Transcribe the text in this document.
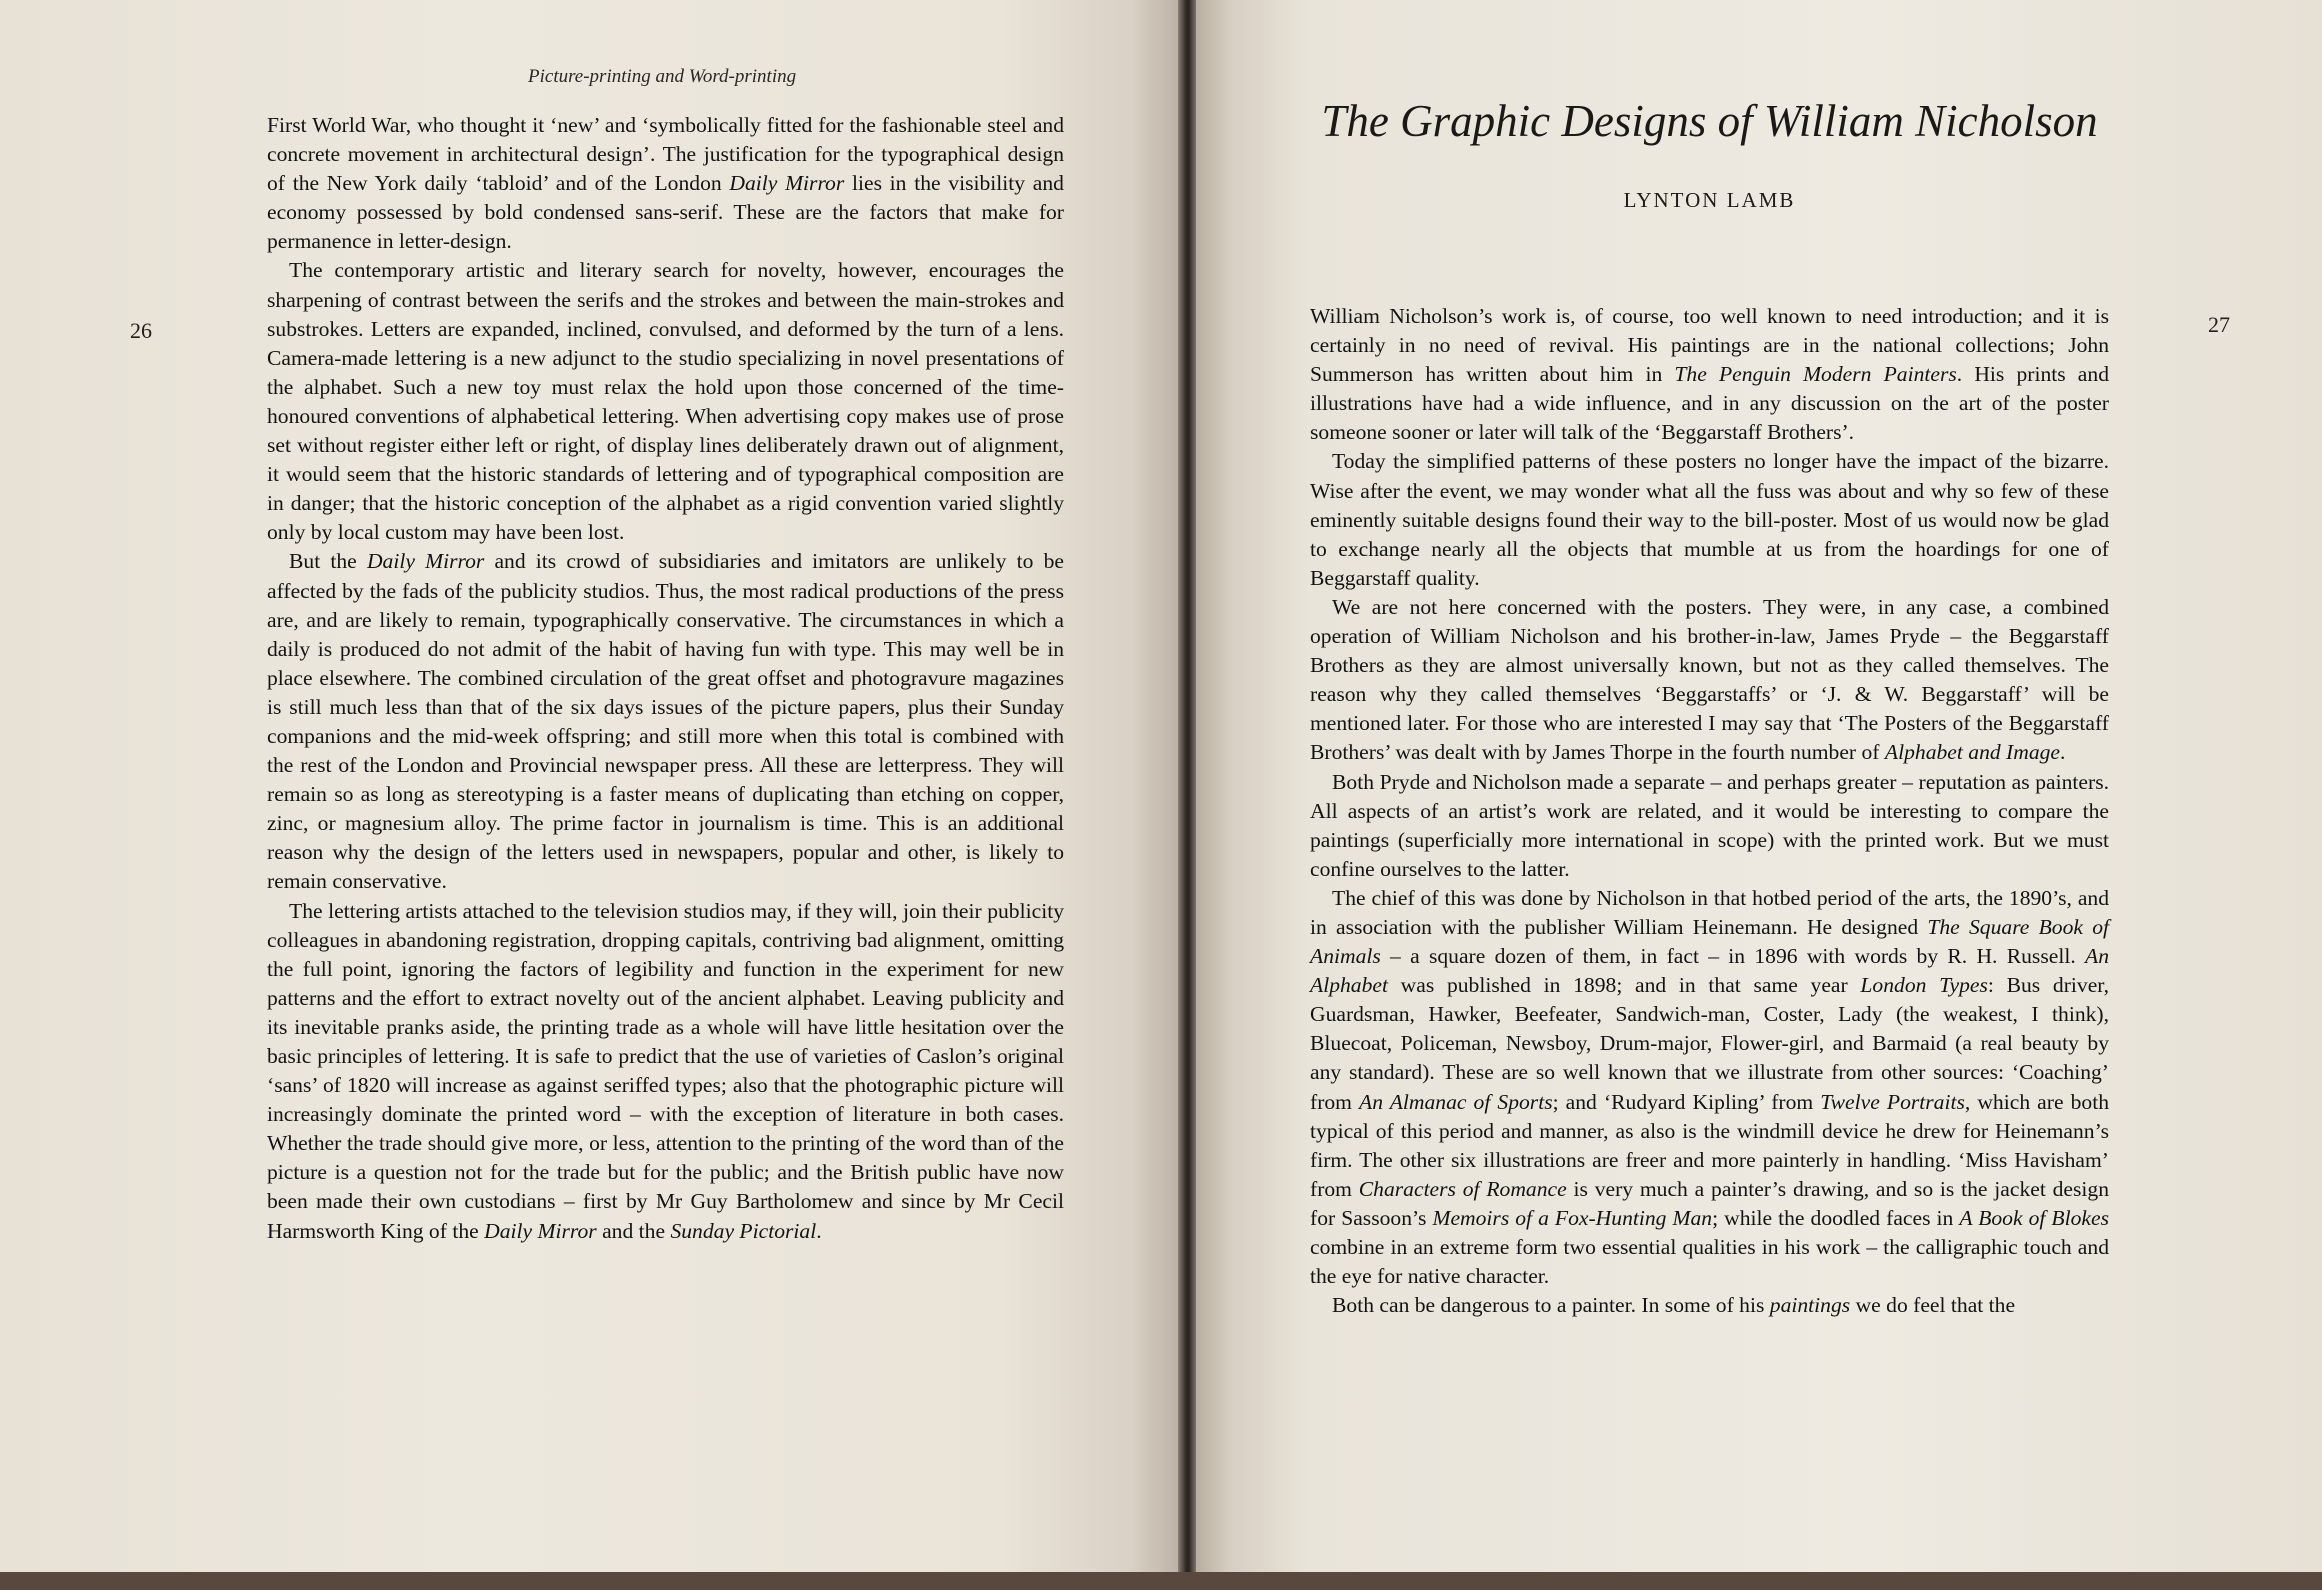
Picture-printing and Word-printing
26

First World War, who thought it ‘new’ and ‘symbolically fitted for the fashionable steel and concrete movement in architectural design’. The justification for the typographical design of the New York daily ‘tabloid’ and of the London Daily Mirror lies in the visibility and economy possessed by bold condensed sans-serif. These are the factors that make for permanence in letter-design.

The contemporary artistic and literary search for novelty, however, encourages the sharpening of contrast between the serifs and the strokes and between the main-strokes and substrokes. Letters are expanded, inclined, convulsed, and deformed by the turn of a lens. Camera-made lettering is a new adjunct to the studio specializing in novel presentations of the alphabet. Such a new toy must relax the hold upon those concerned of the time-honoured conventions of alphabetical lettering. When advertising copy makes use of prose set without register either left or right, of display lines deliberately drawn out of alignment, it would seem that the historic standards of lettering and of typographical composition are in danger; that the historic conception of the alphabet as a rigid convention varied slightly only by local custom may have been lost.

But the Daily Mirror and its crowd of subsidiaries and imitators are unlikely to be affected by the fads of the publicity studios. Thus, the most radical productions of the press are, and are likely to remain, typographically conservative. The circumstances in which a daily is produced do not admit of the habit of having fun with type. This may well be in place elsewhere. The combined circulation of the great offset and photogravure magazines is still much less than that of the six days issues of the picture papers, plus their Sunday companions and the mid-week offspring; and still more when this total is combined with the rest of the London and Provincial newspaper press. All these are letterpress. They will remain so as long as stereotyping is a faster means of duplicating than etching on copper, zinc, or magnesium alloy. The prime factor in journalism is time. This is an additional reason why the design of the letters used in newspapers, popular and other, is likely to remain conservative.

The lettering artists attached to the television studios may, if they will, join their publicity colleagues in abandoning registration, dropping capitals, contriving bad alignment, omitting the full point, ignoring the factors of legibility and function in the experiment for new patterns and the effort to extract novelty out of the ancient alphabet. Leaving publicity and its inevitable pranks aside, the printing trade as a whole will have little hesitation over the basic principles of lettering. It is safe to predict that the use of varieties of Caslon’s original ‘sans’ of 1820 will increase as against seriffed types; also that the photographic picture will increasingly dominate the printed word – with the exception of literature in both cases. Whether the trade should give more, or less, attention to the printing of the word than of the picture is a question not for the trade but for the public; and the British public have now been made their own custodians – first by Mr Guy Bartholomew and since by Mr Cecil Harmsworth King of the Daily Mirror and the Sunday Pictorial.

The Graphic Designs of William Nicholson
LYNTON LAMB
27

William Nicholson’s work is, of course, too well known to need introduction; and it is certainly in no need of revival. His paintings are in the national collections; John Summerson has written about him in The Penguin Modern Painters. His prints and illustrations have had a wide influence, and in any discussion on the art of the poster someone sooner or later will talk of the ‘Beggarstaff Brothers’.

Today the simplified patterns of these posters no longer have the impact of the bizarre. Wise after the event, we may wonder what all the fuss was about and why so few of these eminently suitable designs found their way to the bill-poster. Most of us would now be glad to exchange nearly all the objects that mumble at us from the hoardings for one of Beggarstaff quality.

We are not here concerned with the posters. They were, in any case, a combined operation of William Nicholson and his brother-in-law, James Pryde – the Beggarstaff Brothers as they are almost universally known, but not as they called themselves. The reason why they called themselves ‘Beggarstaffs’ or ‘J. & W. Beggarstaff’ will be mentioned later. For those who are interested I may say that ‘The Posters of the Beggarstaff Brothers’ was dealt with by James Thorpe in the fourth number of Alphabet and Image.

Both Pryde and Nicholson made a separate – and perhaps greater – reputation as painters. All aspects of an artist’s work are related, and it would be interesting to compare the paintings (superficially more international in scope) with the printed work. But we must confine ourselves to the latter.

The chief of this was done by Nicholson in that hotbed period of the arts, the 1890’s, and in association with the publisher William Heinemann. He designed The Square Book of Animals – a square dozen of them, in fact – in 1896 with words by R. H. Russell. An Alphabet was published in 1898; and in that same year London Types: Bus driver, Guardsman, Hawker, Beefeater, Sandwich-man, Coster, Lady (the weakest, I think), Bluecoat, Policeman, Newsboy, Drum-major, Flower-girl, and Barmaid (a real beauty by any standard). These are so well known that we illustrate from other sources: ‘Coaching’ from An Almanac of Sports; and ‘Rudyard Kipling’ from Twelve Portraits, which are both typical of this period and manner, as also is the windmill device he drew for Heinemann’s firm. The other six illustrations are freer and more painterly in handling. ‘Miss Havisham’ from Characters of Romance is very much a painter’s drawing, and so is the jacket design for Sassoon’s Memoirs of a Fox-Hunting Man; while the doodled faces in A Book of Blokes combine in an extreme form two essential qualities in his work – the calligraphic touch and the eye for native character.

Both can be dangerous to a painter. In some of his paintings we do feel that the
